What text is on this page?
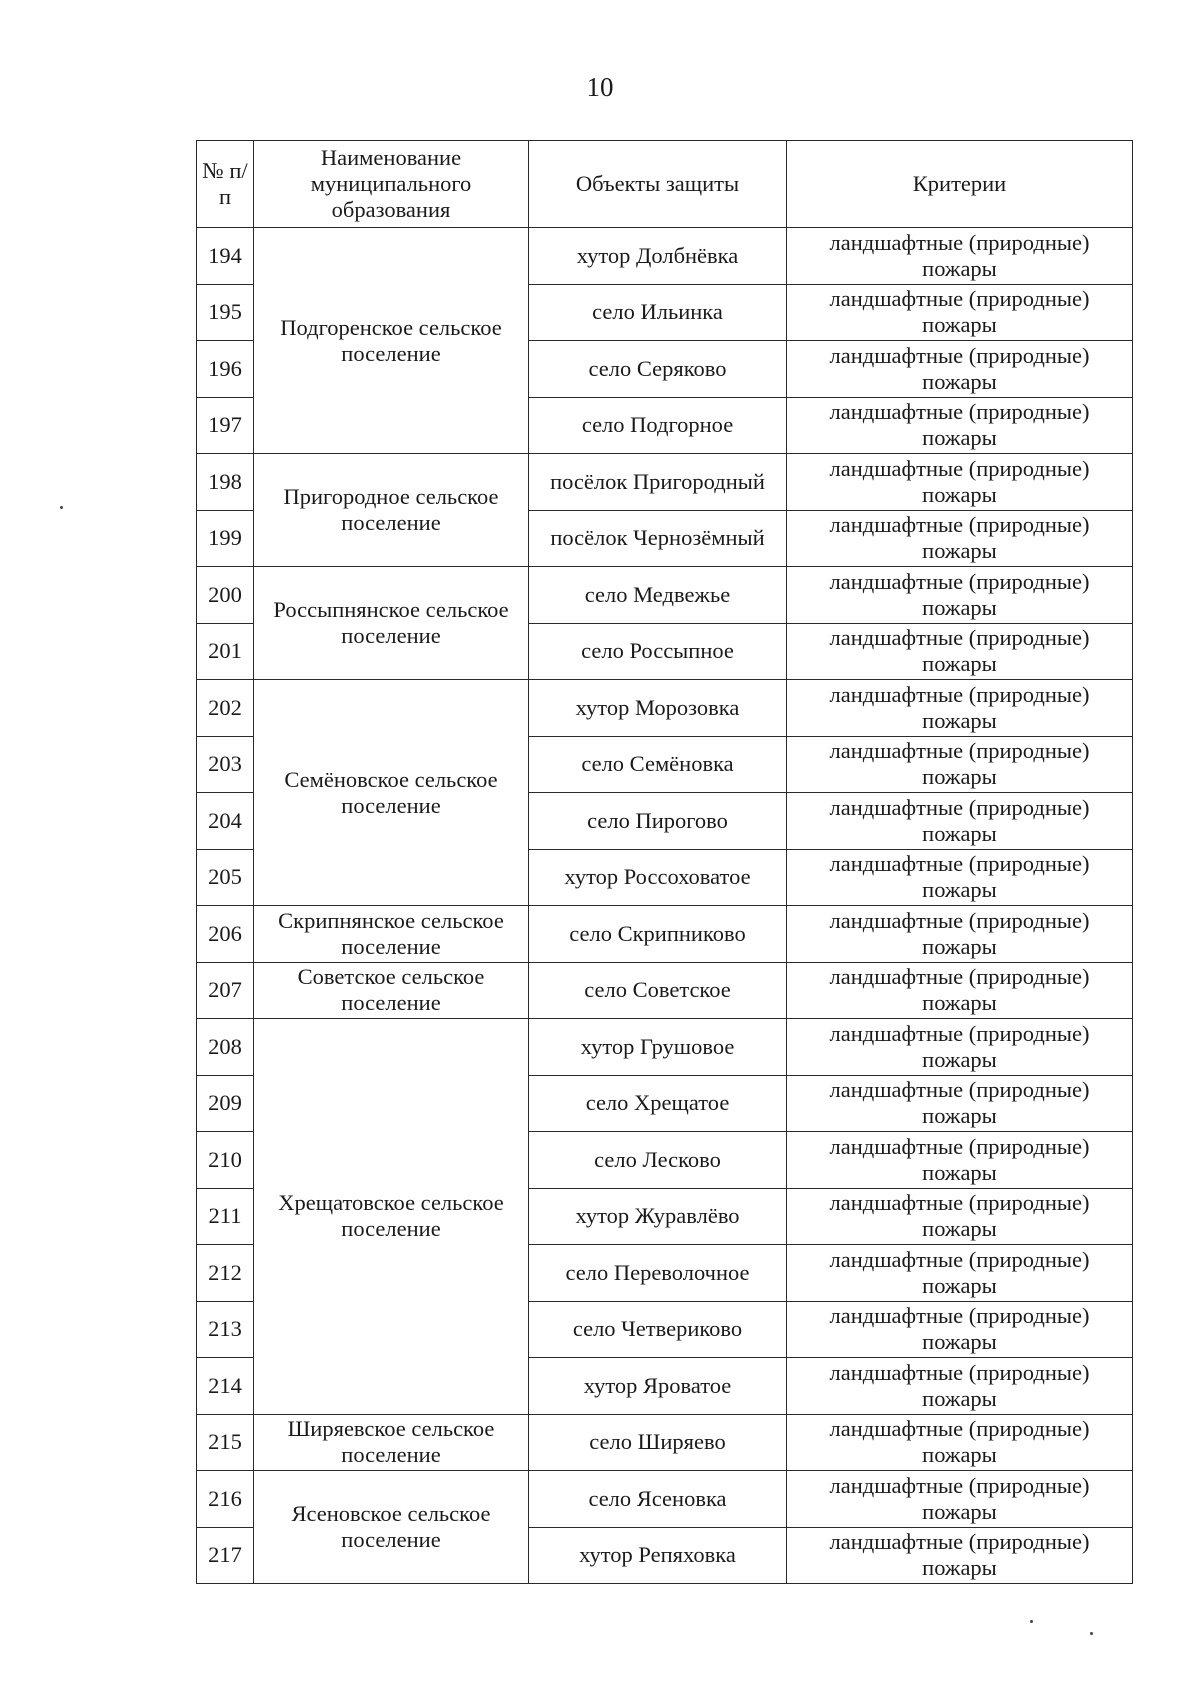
10
№ п/п	Наименование муниципального образования	Объекты защиты	Критерии
194	Подгоренское сельское поселение	хутор Долбнёвка	ландшафтные (природные) пожары
195		село Ильинка	ландшафтные (природные) пожары
196		село Серяково	ландшафтные (природные) пожары
197		село Подгорное	ландшафтные (природные) пожары
198	Пригородное сельское поселение	посёлок Пригородный	ландшафтные (природные) пожары
199		посёлок Чернозёмный	ландшафтные (природные) пожары
200	Россыпнянское сельское поселение	село Медвежье	ландшафтные (природные) пожары
201		село Россыпное	ландшафтные (природные) пожары
202	Семёновское сельское поселение	хутор Морозовка	ландшафтные (природные) пожары
203		село Семёновка	ландшафтные (природные) пожары
204		село Пирогово	ландшафтные (природные) пожары
205		хутор Россоховатое	ландшафтные (природные) пожары
206	Скрипнянское сельское поселение	село Скрипниково	ландшафтные (природные) пожары
207	Советское сельское поселение	село Советское	ландшафтные (природные) пожары
208	Хрещатовское сельское поселение	хутор Грушовое	ландшафтные (природные) пожары
209		село Хрещатое	ландшафтные (природные) пожары
210		село Лесково	ландшафтные (природные) пожары
211		хутор Журавлёво	ландшафтные (природные) пожары
212		село Переволочное	ландшафтные (природные) пожары
213		село Четвериково	ландшафтные (природные) пожары
214		хутор Яроватое	ландшафтные (природные) пожары
215	Ширяевское сельское поселение	село Ширяево	ландшафтные (природные) пожары
216	Ясеновское сельское поселение	село Ясеновка	ландшафтные (природные) пожары
217		хутор Репяховка	ландшафтные (природные) пожары
